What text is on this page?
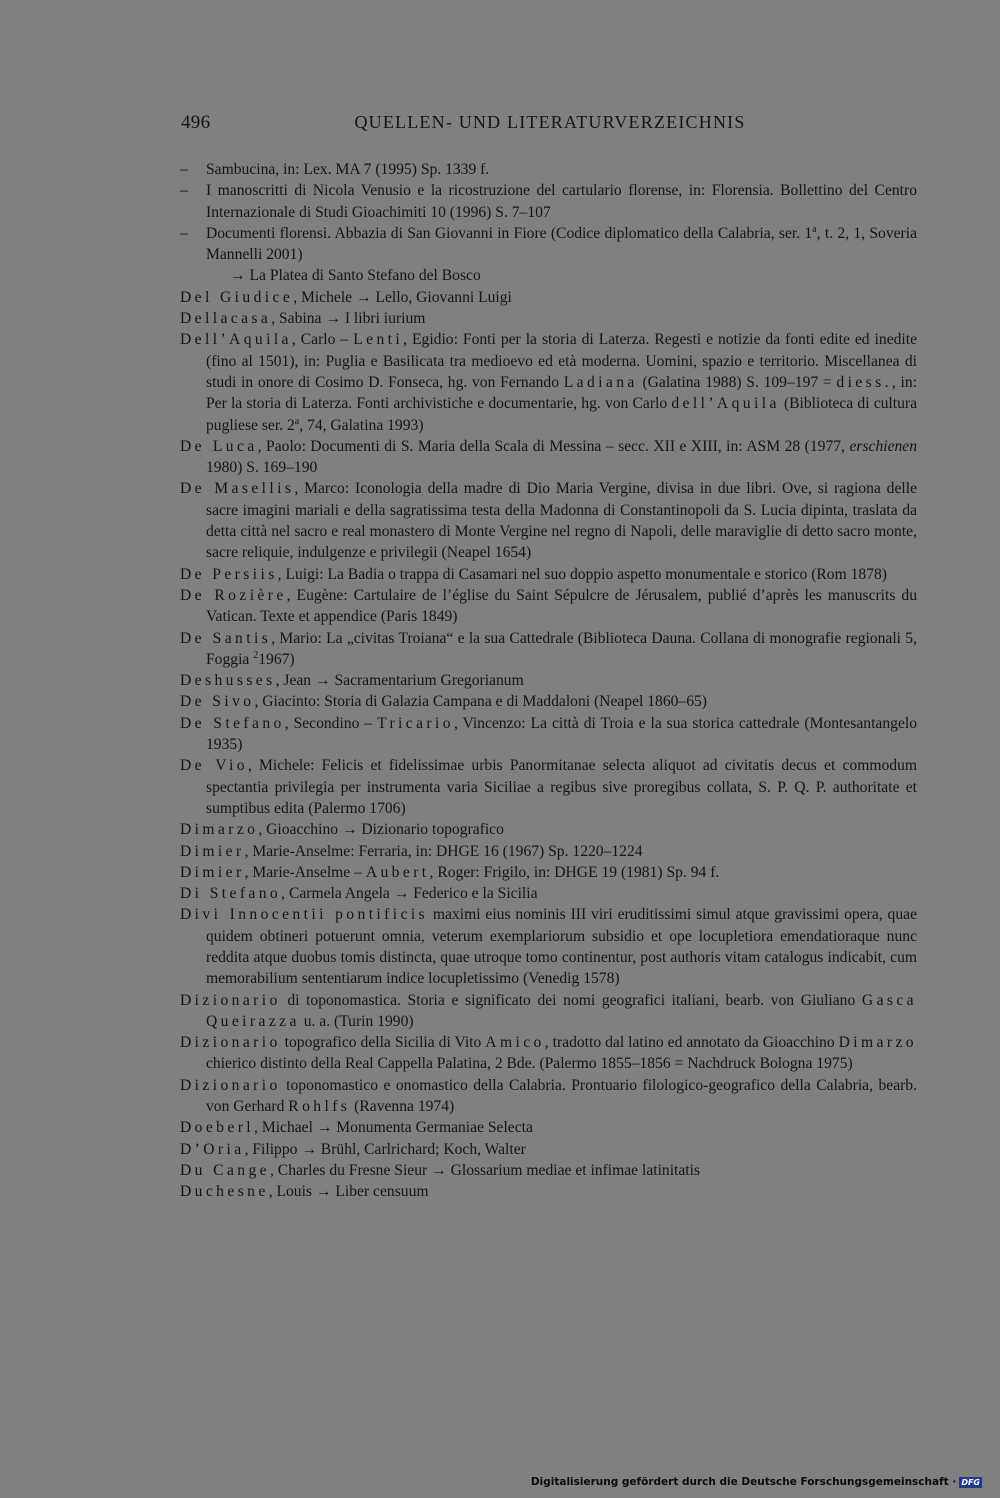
496	QUELLEN- UND LITERATURVERZEICHNIS
– Sambucina, in: Lex. MA 7 (1995) Sp. 1339 f.
– I manoscritti di Nicola Venusio e la ricostruzione del cartulario florense, in: Florensia. Bollettino del Centro Internazionale di Studi Gioachimiti 10 (1996) S. 7–107
– Documenti florensi. Abbazia di San Giovanni in Fiore (Codice diplomatico della Calabria, ser. 1$^a$, t. 2, 1, Soveria Mannelli 2001)
→ La Platea di Santo Stefano del Bosco
Del Giudice, Michele → Lello, Giovanni Luigi
Dellacasa, Sabina → I libri iurium
Dell’Aquila, Carlo – Lenti, Egidio: Fonti per la storia di Laterza. Regesti e notizie da fonti edite ed inedite (fino al 1501), in: Puglia e Basilicata tra medioevo ed età moderna. Uomini, spazio e territorio. Miscellanea di studi in onore di Cosimo D. Fonseca, hg. von Fernando Ladiana (Galatina 1988) S. 109–197 = diess., in: Per la storia di Laterza. Fonti archivistiche e documentarie, hg. von Carlo dell’Aquila (Biblioteca di cultura pugliese ser. 2$^a$, 74, Galatina 1993)
De Luca, Paolo: Documenti di S. Maria della Scala di Messina – secc. XII e XIII, in: ASM 28 (1977, erschienen 1980) S. 169–190
De Masellis, Marco: Iconologia della madre di Dio Maria Vergine, divisa in due libri. Ove, si ragiona delle sacre imagini mariali e della sagratissima testa della Madonna di Constantinopoli da S. Lucia dipinta, traslata da detta città nel sacro e real monastero di Monte Vergine nel regno di Napoli, delle maraviglie di detto sacro monte, sacre reliquie, indulgenze e privilegii (Neapel 1654)
De Persiis, Luigi: La Badia o trappa di Casamari nel suo doppio aspetto monumentale e storico (Rom 1878)
De Rozière, Eugène: Cartulaire de l’église du Saint Sépulcre de Jérusalem, publié d’après les manuscrits du Vatican. Texte et appendice (Paris 1849)
De Santis, Mario: La „civitas Troiana“ e la sua Cattedrale (Biblioteca Dauna. Collana di monografie regionali 5, Foggia $^2$1967)
Deshusses, Jean → Sacramentarium Gregorianum
De Sivo, Giacinto: Storia di Galazia Campana e di Maddaloni (Neapel 1860–65)
De Stefano, Secondino – Tricario, Vincenzo: La città di Troia e la sua storica cattedrale (Montesantangelo 1935)
De Vio, Michele: Felicis et fidelissimae urbis Panormitanae selecta aliquot ad civitatis decus et commodum spectantia privilegia per instrumenta varia Siciliae a regibus sive proregibus collata, S. P. Q. P. authoritate et sumptibus edita (Palermo 1706)
Dimarzo, Gioacchino → Dizionario topografico
Dimier, Marie-Anselme: Ferraria, in: DHGE 16 (1967) Sp. 1220–1224
Dimier, Marie-Anselme – Aubert, Roger: Frigilo, in: DHGE 19 (1981) Sp. 94 f.
Di Stefano, Carmela Angela → Federico e la Sicilia
Divi Innocentii pontificis maximi eius nominis III viri eruditissimi simul atque gravissimi opera, quae quidem obtineri potuerunt omnia, veterum exemplariorum subsidio et ope locupletiora emendatioraque nunc reddita atque duobus tomis distincta, quae utroque tomo continentur, post authoris vitam catalogus indicabit, cum memorabilium sententiarum indice locupletissimo (Venedig 1578)
Dizionario di toponomastica. Storia e significato dei nomi geografici italiani, bearb. von Giuliano Gasca Queirazza u. a. (Turin 1990)
Dizionario topografico della Sicilia di Vito Amico, tradotto dal latino ed annotato da Gioacchino Dimarzo chierico distinto della Real Cappella Palatina, 2 Bde. (Palermo 1855–1856 = Nachdruck Bologna 1975)
Dizionario toponomastico e onomastico della Calabria. Prontuario filologico-geografico della Calabria, bearb. von Gerhard Rohlfs (Ravenna 1974)
Doeberl, Michael → Monumenta Germaniae Selecta
D’Oria, Filippo → Brühl, Carlrichard; Koch, Walter
Du Cange, Charles du Fresne Sieur → Glossarium mediae et infimae latinitatis
Duchesne, Louis → Liber censuum
Digitalisierung gefördert durch die Deutsche Forschungsgemeinschaft · DFG
